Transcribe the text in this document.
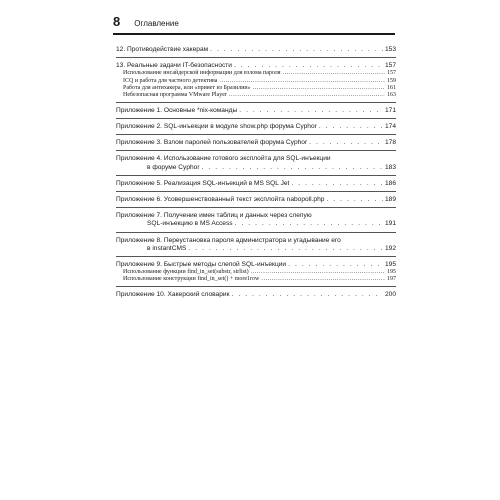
8 Оглавление
12. Противодействие хакерам . . .	153
13. Реальные задачи IT-безопасности . . .	157
Использование инсайдерской информации для взлома пароля .....	157
ICQ и работа для частного детектива .....	159
Работа для антихакера, или «привет из Бразилии» .....	161
Небезопасная программа VMware Player .....	163
Приложение 1. Основные *nix-команды . . .	171
Приложение 2. SQL-инъекции в модуле show.php форума Cyphor . . .	174
Приложение 3. Взлом паролей пользователей форума Cyphor . . .	178
Приложение 4. Использование готового эксплойта для SQL-инъекции
в форуме Cyphor . . .	183
Приложение 5. Реализация SQL-инъекций в MS SQL Jet . . .	186
Приложение 6. Усовершенствованный текст эксплойта nabopoll.php . . .	189
Приложение 7. Получение имен таблиц и данных через слепую
SQL-инъекцию в MS Access . . .	191
Приложение 8. Переустановка пароля администратора и угадывание его
в instantCMS . . .	192
Приложение 9. Быстрые методы слепой SQL-инъекции . . .	195
Использование функции find_in_set(substr, strlist) .....	195
Использование конструкции find_in_set() + more1row .....	197
Приложение 10. Хакерский словарик . . .	200
